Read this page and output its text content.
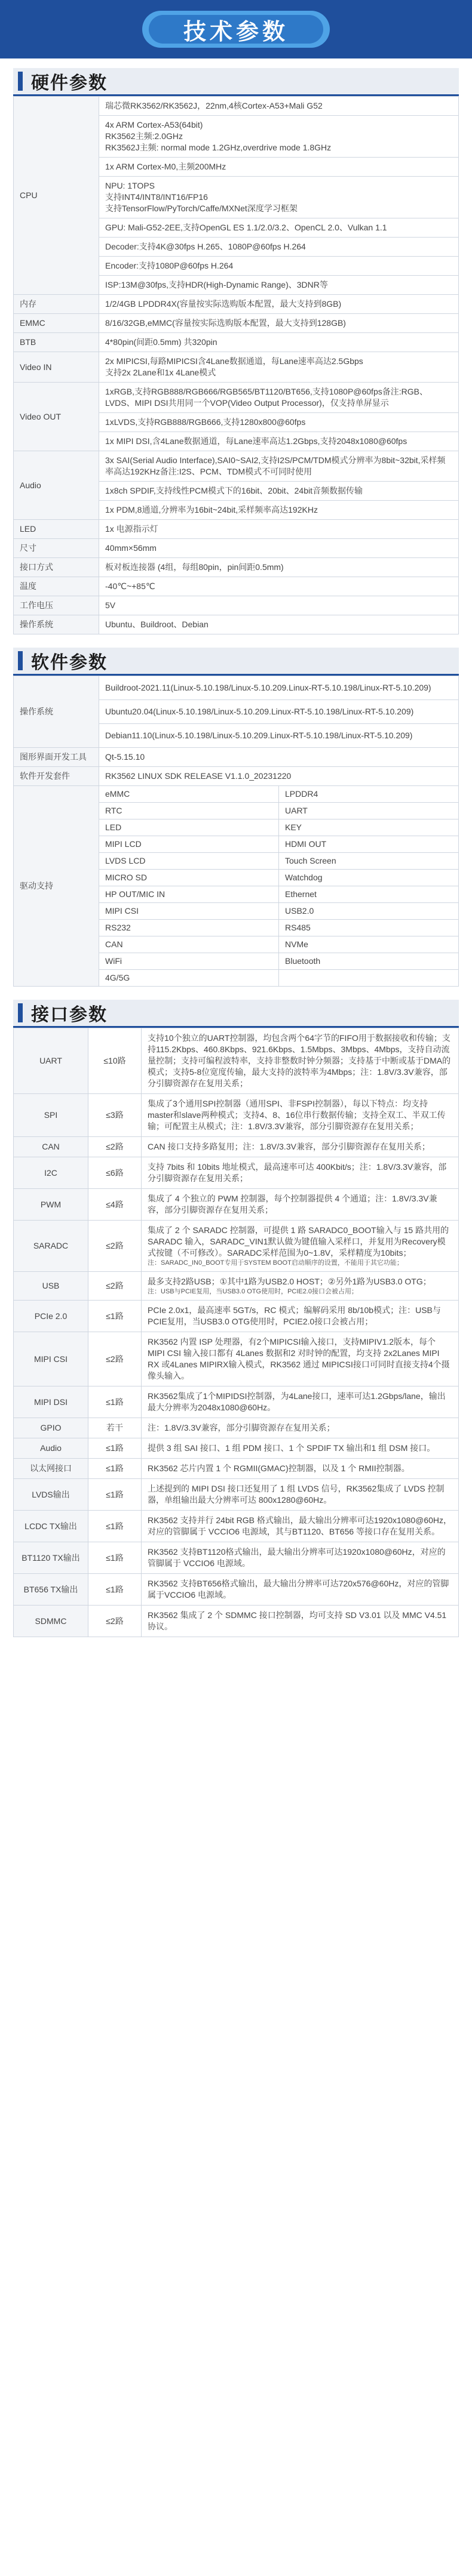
技术参数
硬件参数
CPU	瑞芯微RK3562/RK3562J，22nm,4核Cortex-A53+Mali G52

	4x ARM Cortex-A53(64bit)
RK3562主频:2.0GHz
RK3562J主频: normal mode 1.2GHz,overdrive mode 1.8GHz

	1x ARM Cortex-M0,主频200MHz

	NPU: 1TOPS
支持INT4/INT8/INT16/FP16
支持TensorFlow/PyTorch/Caffe/MXNet深度学习框架

	GPU: Mali-G52-2EE,支持OpenGL ES 1.1/2.0/3.2、OpenCL 2.0、Vulkan 1.1

	Decoder:支持4K@30fps H.265、1080P@60fps H.264

	Encoder:支持1080P@60fps H.264

	ISP:13M@30fps,支持HDR(High-Dynamic Range)、3DNR等

内存	1/2/4GB LPDDR4X(容量按实际选购版本配置，最大支持到8GB)

EMMC	8/16/32GB,eMMC(容量按实际选购版本配置，最大支持到128GB)

BTB	4*80pin(间距0.5mm) 共320pin

Video IN	2x MIPICSI,每路MIPICSI含4Lane数据通道，每Lane速率高达2.5Gbps
支持2x 2Lane和1x 4Lane模式

Video OUT	1xRGB,支持RGB888/RGB666/RGB565/BT1120/BT656,支持1080P@60fps备注:RGB、LVDS、MIPI DSI共用同一个VOP(Video Output Processor)，仅支持单屏显示

	1xLVDS,支持RGB888/RGB666,支持1280x800@60fps

	1x MIPI DSI,含4Lane数据通道，每Lane速率高达1.2Gbps,支持2048x1080@60fps

Audio	3x SAI(Serial Audio Interface),SAI0~SAI2,支持I2S/PCM/TDM模式分辨率为8bit~32bit,采样频率高达192KHz备注:I2S、PCM、TDM模式不可同时使用

	1x8ch SPDIF,支持线性PCM模式下的16bit、20bit、24bit音频数据传输

	1x PDM,8通道,分辨率为16bit~24bit,采样频率高达192KHz

LED	1x 电源指示灯

尺寸	40mm×56mm

接口方式	板对板连接器 (4组，每组80pin，pin间距0.5mm)

温度	-40℃~+85℃

工作电压	5V

操作系统	Ubuntu、Buildroot、Debian
软件参数
操作系统	Buildroot-2021.11(Linux-5.10.198/Linux-5.10.209.Linux-RT-5.10.198/Linux-RT-5.10.209)	
	Ubuntu20.04(Linux-5.10.198/Linux-5.10.209.Linux-RT-5.10.198/Linux-RT-5.10.209)	
	Debian11.10(Linux-5.10.198/Linux-5.10.209.Linux-RT-5.10.198/Linux-RT-5.10.209)	
图形界面开发工具	Qt-5.15.10	
软件开发套件	RK3562 LINUX SDK RELEASE V1.1.0_20231220	
驱动支持	eMMC	LPDDR4
	RTC	UART
	LED	KEY
	MIPI LCD	HDMI OUT
	LVDS LCD	Touch Screen
	MICRO SD	Watchdog
	HP OUT/MIC IN	Ethernet
	MIPI CSI	USB2.0
	RS232	RS485
	CAN	NVMe
	WiFi	Bluetooth
	4G/5G	
接口参数
UART	≤10路	支持10个独立的UART控制器，均包含两个64字节的FIFO用于数据接收和传输；支持115.2Kbps、460.8Kbps、921.6Kbps、1.5Mbps、3Mbps、4Mbps，支持自动流量控制；支持可编程波特率，支持非整数时钟分频器；支持基于中断或基于DMA的模式；支持5-8位宽度传输，最大支持的波特率为4Mbps；注：1.8V/3.3V兼容，部分引脚资源存在复用关系；

SPI	≤3路	集成了3个通用SPI控制器（通用SPI、非FSPI控制器），每以下特点：均支持master和slave两种模式；支持4、8、16位串行数据传输；支持全双工、半双工传输；可配置主从模式；注：1.8V/3.3V兼容，部分引脚资源存在复用关系；

CAN	≤2路	CAN 接口支持多路复用；注：1.8V/3.3V兼容，部分引脚资源存在复用关系；

I2C	≤6路	支持 7bits 和 10bits 地址模式，最高速率可达 400Kbit/s；注：1.8V/3.3V兼容，部分引脚资源存在复用关系；

PWM	≤4路	集成了 4 个独立的 PWM 控制器，每个控制器提供 4 个通道；注：1.8V/3.3V兼容，部分引脚资源存在复用关系；

SARADC	≤2路	集成了 2 个 SARADC 控制器，可提供 1 路 SARADC0_BOOT输入与 15 路共用的 SARADC 输入，SARADC_VIN1默认做为键值输入采样口，并复用为Recovery模式按键（不可修改）。SARADC采样范围为0~1.8V，采样精度为10bits；
注：SARADC_IN0_BOOT专用于SYSTEM BOOT启动顺序的设置，不能用于其它功能；

USB	≤2路	最多支持2路USB；①其中1路为USB2.0 HOST；②另外1路为USB3.0 OTG；
注：USB与PCIE复用，当USB3.0 OTG使用时，PCIE2.0接口会被占用；

PCIe 2.0	≤1路	PCIe 2.0x1，最高速率 5GT/s，RC 模式；编解码采用 8b/10b模式；注：USB与PCIE复用，当USB3.0 OTG使用时，PCIE2.0接口会被占用；

MIPI CSI	≤2路	RK3562 内置 ISP 处理器，有2个MIPICSI输入接口，支持MIPIV1.2版本，每个 MIPI CSI 输入接口都有 4Lanes 数据和2 对时钟的配置，均支持 2x2Lanes MIPI RX 或4Lanes MIPIRX输入模式，RK3562 通过 MIPICSI接口可同时直接支持4个摄像头输入。

MIPI DSI	≤1路	RK3562集成了1个MIPIDSI控制器，为4Lane接口，速率可达1.2Gbps/lane，输出最大分辨率为2048x1080@60Hz。

GPIO	若干	注：1.8V/3.3V兼容，部分引脚资源存在复用关系；

Audio	≤1路	提供 3 组 SAI 接口、1 组 PDM 接口、1 个 SPDIF TX 输出和1 组 DSM 接口。

以太网接口	≤1路	RK3562 芯片内置 1 个 RGMII(GMAC)控制器，以及 1 个 RMII控制器。

LVDS输出	≤1路	上述提到的 MIPI DSI 接口还复用了 1 组 LVDS 信号，RK3562集成了 LVDS 控制器，单组输出最大分辨率可达 800x1280@60Hz。

LCDC TX输出	≤1路	RK3562 支持并行 24bit RGB 格式输出，最大输出分辨率可达1920x1080@60Hz，对应的管脚属于 VCCIO6 电源域，其与BT1120、BT656 等接口存在复用关系。

BT1120 TX输出	≤1路	RK3562 支持BT1120格式输出，最大输出分辨率可达1920x1080@60Hz，对应的管脚属于 VCCIO6 电源域。

BT656 TX输出	≤1路	RK3562 支持BT656格式输出，最大输出分辨率可达720x576@60Hz，对应的管脚属于VCCIO6 电源域。

SDMMC	≤2路	RK3562 集成了 2 个 SDMMC 接口控制器，均可支持 SD V3.01 以及 MMC V4.51 协议。
